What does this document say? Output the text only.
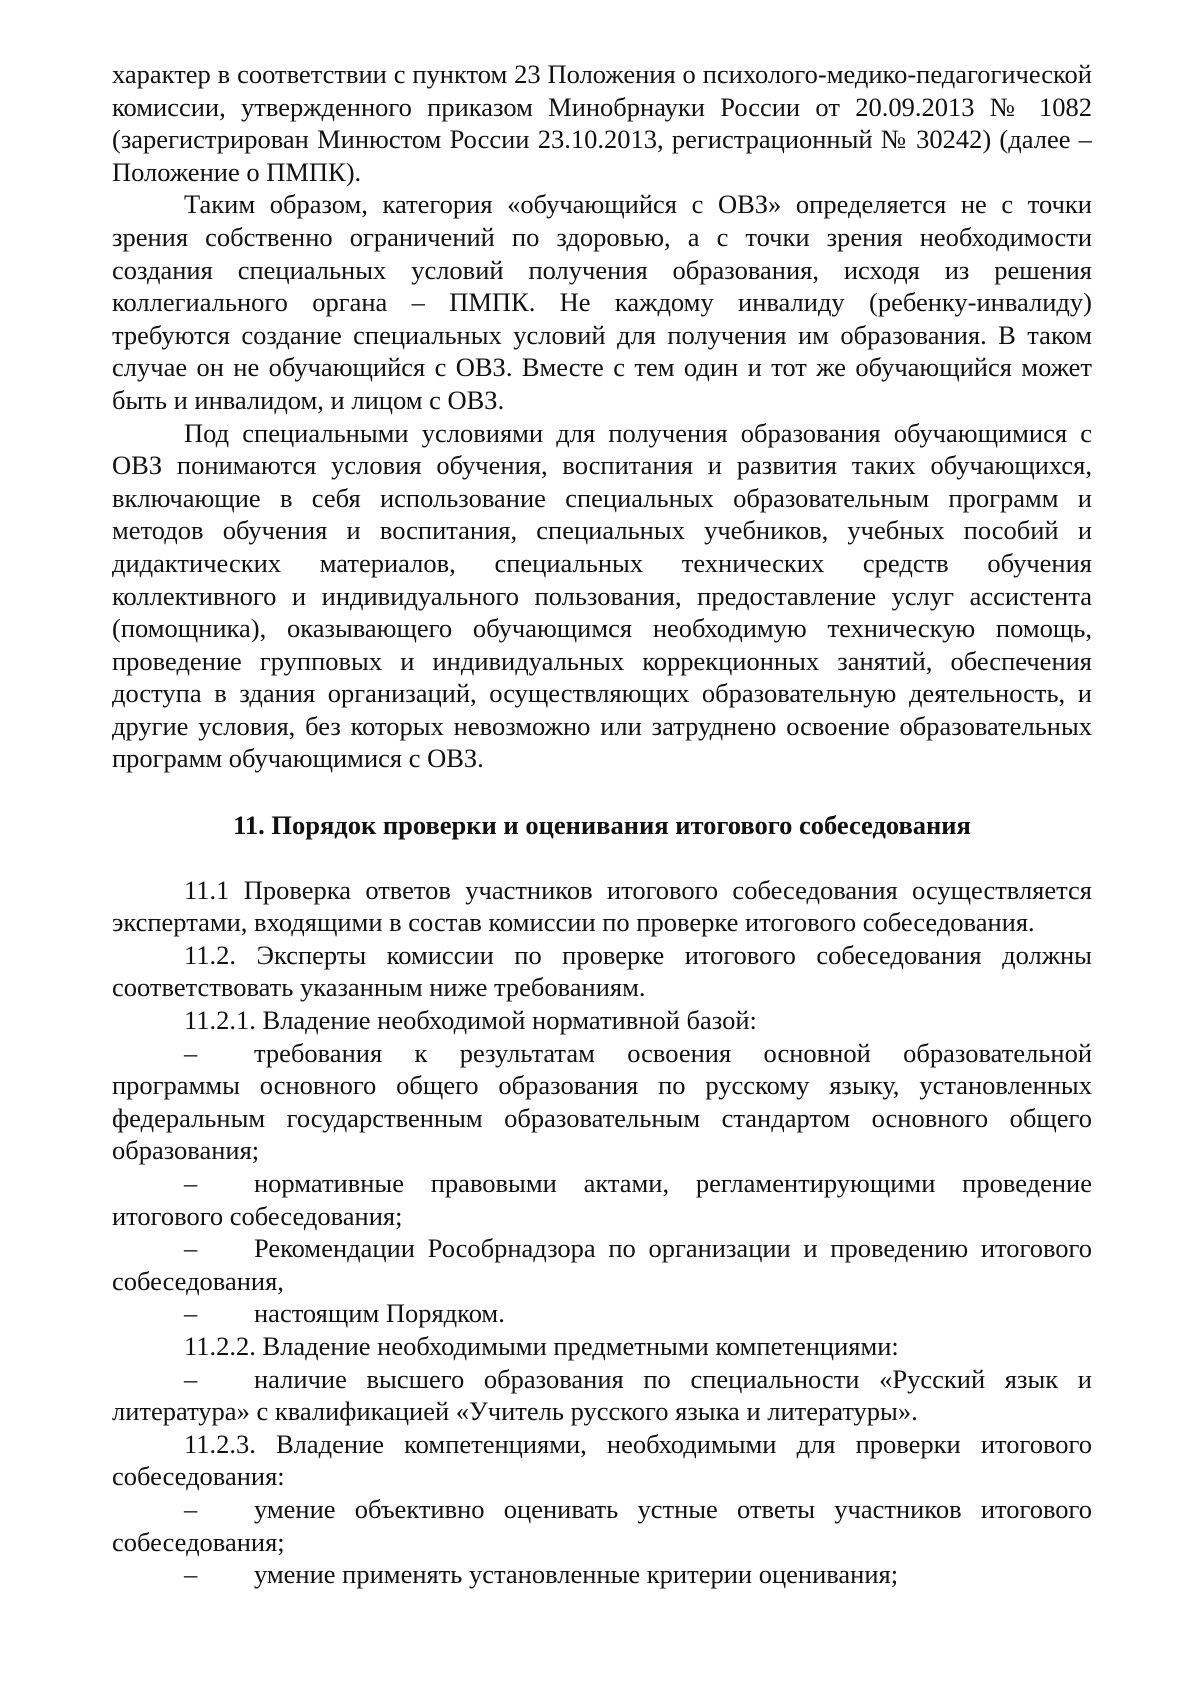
характер в соответствии с пунктом 23 Положения о психолого-медико-педагогической комиссии, утвержденного приказом Минобрнауки России от 20.09.2013 № 1082 (зарегистрирован Минюстом России 23.10.2013, регистрационный № 30242) (далее – Положение о ПМПК).

Таким образом, категория «обучающийся с ОВЗ» определяется не с точки зрения собственно ограничений по здоровью, а с точки зрения необходимости создания специальных условий получения образования, исходя из решения коллегиального органа – ПМПК. Не каждому инвалиду (ребенку-инвалиду) требуются создание специальных условий для получения им образования. В таком случае он не обучающийся с ОВЗ. Вместе с тем один и тот же обучающийся может быть и инвалидом, и лицом с ОВЗ.

Под специальными условиями для получения образования обучающимися с ОВЗ понимаются условия обучения, воспитания и развития таких обучающихся, включающие в себя использование специальных образовательным программ и методов обучения и воспитания, специальных учебников, учебных пособий и дидактических материалов, специальных технических средств обучения коллективного и индивидуального пользования, предоставление услуг ассистента (помощника), оказывающего обучающимся необходимую техническую помощь, проведение групповых и индивидуальных коррекционных занятий, обеспечения доступа в здания организаций, осуществляющих образовательную деятельность, и другие условия, без которых невозможно или затруднено освоение образовательных программ обучающимися с ОВЗ.

11. Порядок проверки и оценивания итогового собеседования

11.1 Проверка ответов участников итогового собеседования осуществляется экспертами, входящими в состав комиссии по проверке итогового собеседования.

11.2. Эксперты комиссии по проверке итогового собеседования должны соответствовать указанным ниже требованиям.

11.2.1. Владение необходимой нормативной базой:

– требования к результатам освоения основной образовательной программы основного общего образования по русскому языку, установленных федеральным государственным образовательным стандартом основного общего образования;

– нормативные правовыми актами, регламентирующими проведение итогового собеседования;

– Рекомендации Рособрнадзора по организации и проведению итогового собеседования,

– настоящим Порядком.

11.2.2. Владение необходимыми предметными компетенциями:

– наличие высшего образования по специальности «Русский язык и литература» с квалификацией «Учитель русского языка и литературы».

11.2.3. Владение компетенциями, необходимыми для проверки итогового собеседования:

– умение объективно оценивать устные ответы участников итогового собеседования;

– умение применять установленные критерии оценивания;
